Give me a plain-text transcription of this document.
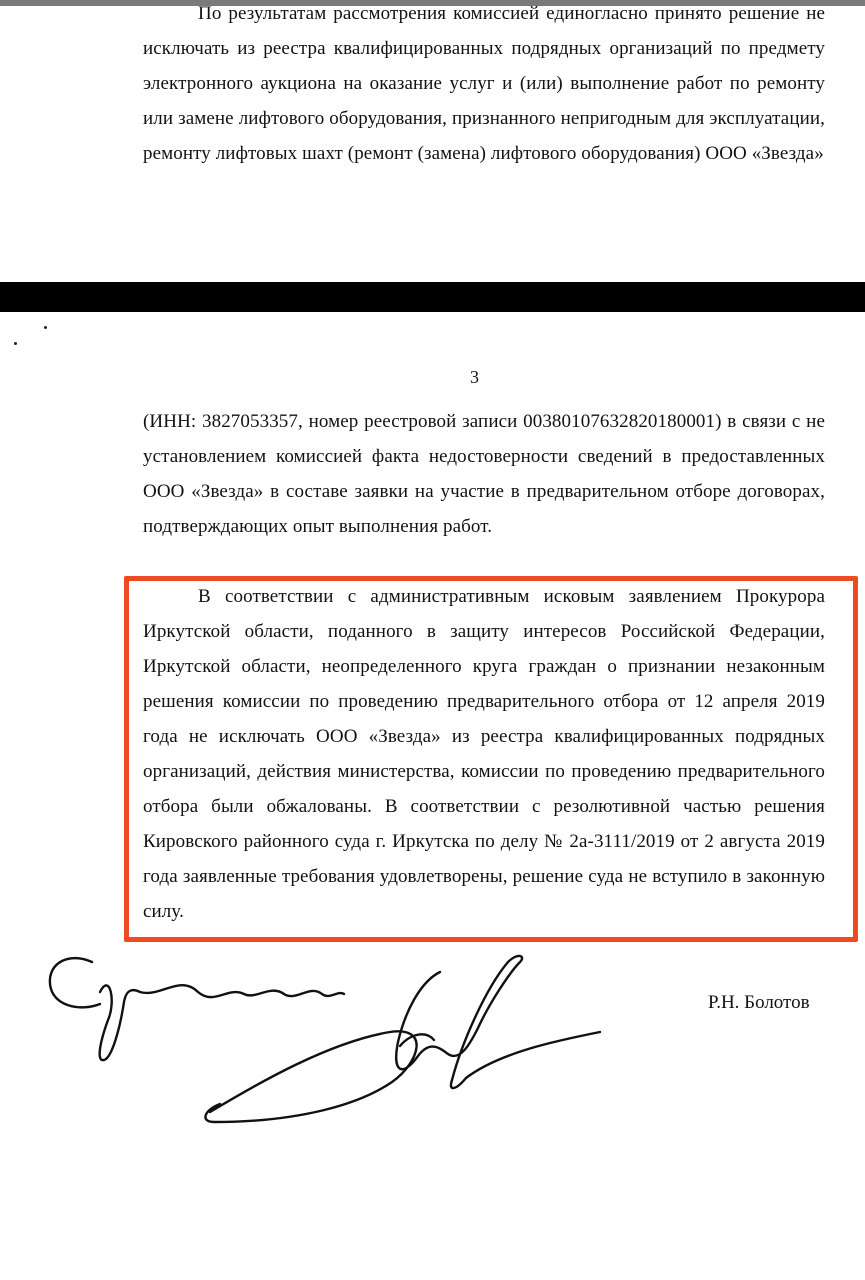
По результатам рассмотрения комиссией единогласно принято решение не исключать из реестра квалифицированных подрядных организаций по предмету электронного аукциона на оказание услуг и (или) выполнение работ по ремонту или замене лифтового оборудования, признанного непригодным для эксплуатации, ремонту лифтовых шахт (ремонт (замена) лифтового оборудования) ООО «Звезда»

3

(ИНН: 3827053357, номер реестровой записи 0038010763282018000​1) в связи с не установлением комиссией факта недостоверности сведений в предоставленных ООО «Звезда» в составе заявки на участие в предварительном отборе договорах, подтверждающих опыт выполнения работ.

В соответствии с административным исковым заявлением Прокурора Иркутской области, поданного в защиту интересов Российской Федерации, Иркутской области, неопределенного круга граждан о признании незаконным решения комиссии по проведению предварительного отбора от 12 апреля 2019 года не исключать ООО «Звезда» из реестра квалифицированных подрядных организаций, действия министерства, комиссии по проведению предварительного отбора были обжалованы. В соответствии с резолютивной частью решения Кировского районного суда г. Иркутска по делу № 2а-3111/2019 от 2 августа 2019 года заявленные требования удовлетворены, решение суда не вступило в законную силу.

Р.Н. Болотов
